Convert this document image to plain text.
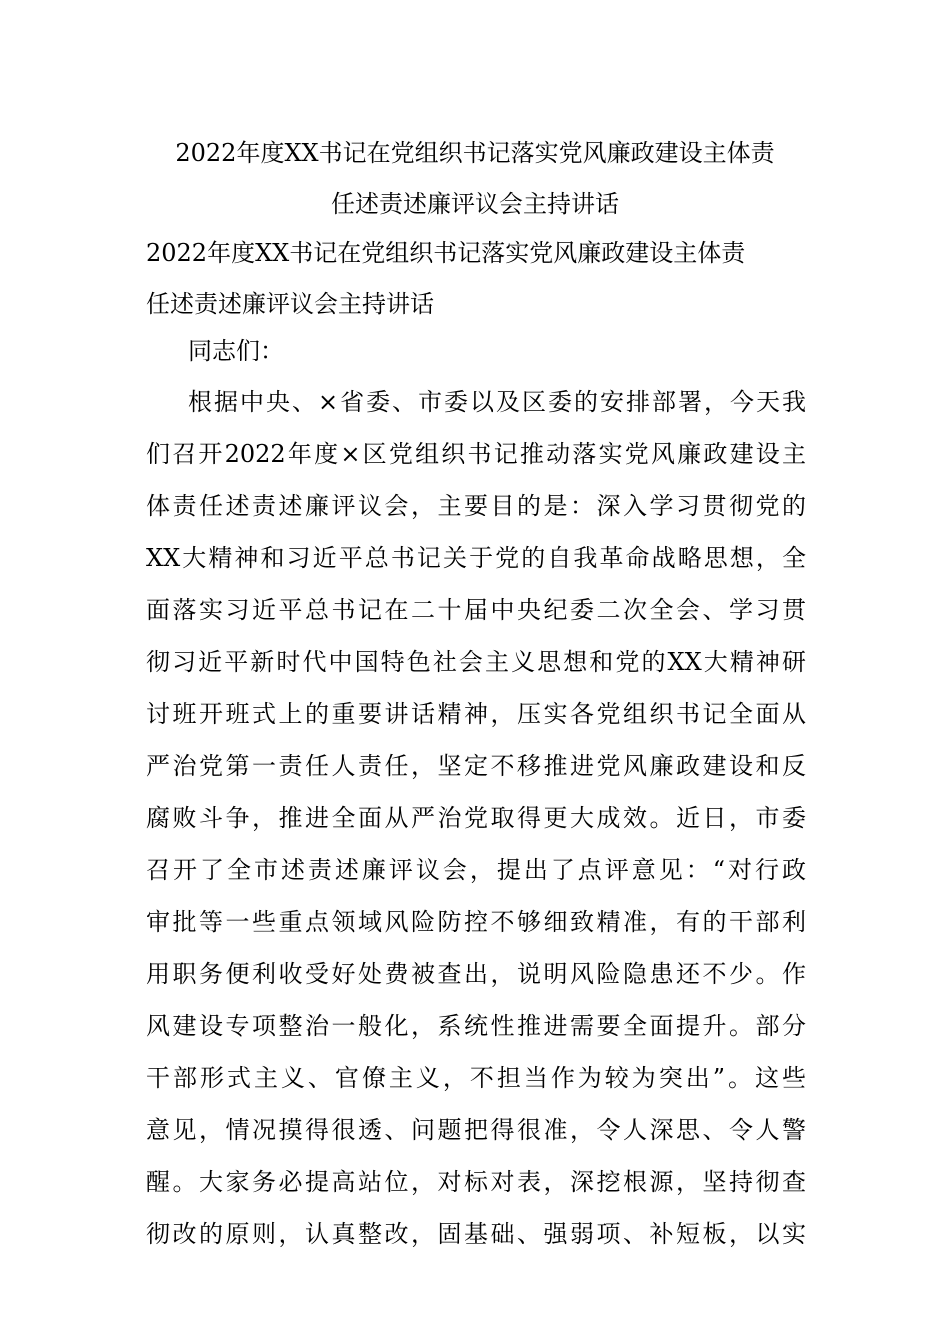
2022年度XX书记在党组织书记落实党风廉政建设主体责
任述责述廉评议会主持讲话
2022年度XX书记在党组织书记落实党风廉政建设主体责
任述责述廉评议会主持讲话
同志们：
根据中央、×省委、市委以及区委的安排部署，今天我
们召开2022年度×区党组织书记推动落实党风廉政建设主
体责任述责述廉评议会，主要目的是：深入学习贯彻党的
XX大精神和习近平总书记关于党的自我革命战略思想，全
面落实习近平总书记在二十届中央纪委二次全会、学习贯
彻习近平新时代中国特色社会主义思想和党的XX大精神研
讨班开班式上的重要讲话精神，压实各党组织书记全面从
严治党第一责任人责任，坚定不移推进党风廉政建设和反
腐败斗争，推进全面从严治党取得更大成效。近日，市委
召开了全市述责述廉评议会，提出了点评意见：“对行政
审批等一些重点领域风险防控不够细致精准，有的干部利
用职务便利收受好处费被查出，说明风险隐患还不少。作
风建设专项整治一般化，系统性推进需要全面提升。部分
干部形式主义、官僚主义，不担当作为较为突出”。这些
意见，情况摸得很透、问题把得很准，令人深思、令人警
醒。大家务必提高站位，对标对表，深挖根源，坚持彻查
彻改的原则，认真整改，固基础、强弱项、补短板，以实
